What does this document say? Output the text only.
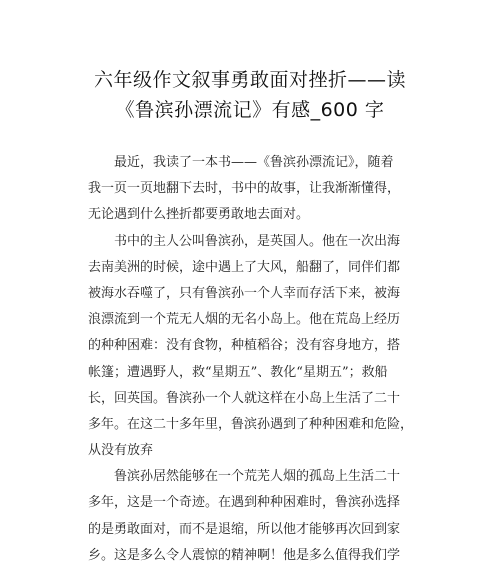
六年级作文叙事勇敢面对挫折——读
《鲁滨孙漂流记》有感_600 字
最近，我读了一本书——《鲁滨孙漂流记》，随着
我一页一页地翻下去时，书中的故事，让我渐渐懂得，
无论遇到什么挫折都要勇敢地去面对。
书中的主人公叫鲁滨孙，是英国人。他在一次出海
去南美洲的时候，途中遇上了大风，船翻了，同伴们都
被海水吞噬了，只有鲁滨孙一个人幸而存活下来，被海
浪漂流到一个荒无人烟的无名小岛上。他在荒岛上经历
的种种困难：没有食物，种植稻谷；没有容身地方，搭
帐篷；遭遇野人，救“星期五”、教化“星期五”；救船
长，回英国。鲁滨孙一个人就这样在小岛上生活了二十
多年。在这二十多年里，鲁滨孙遇到了种种困难和危险，
从没有放弃
鲁滨孙居然能够在一个荒芜人烟的孤岛上生活二十
多年，这是一个奇迹。在遇到种种困难时，鲁滨孙选择
的是勇敢面对，而不是退缩，所以他才能够再次回到家
乡。这是多么令人震惊的精神啊！他是多么值得我们学
